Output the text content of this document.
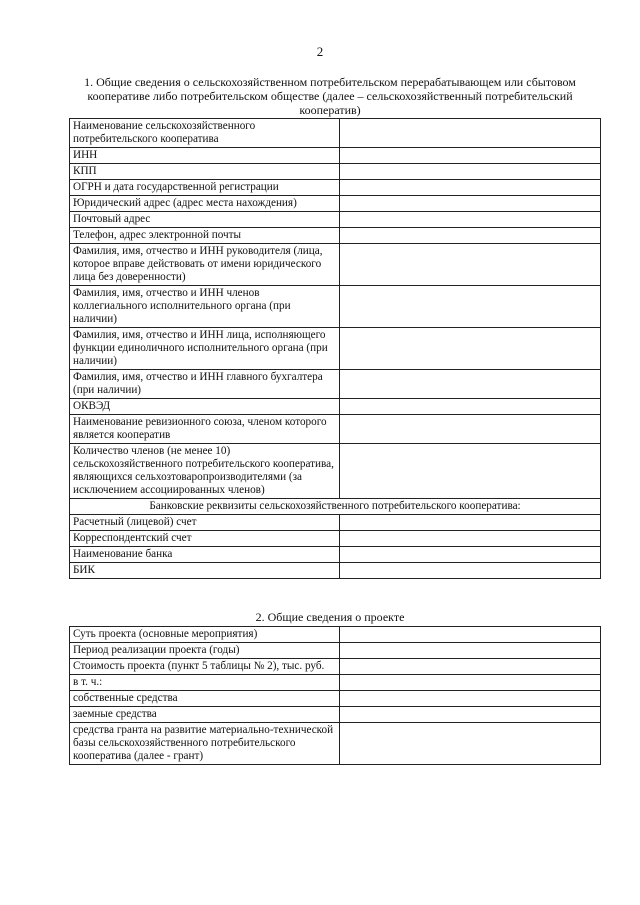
2
1. Общие сведения о сельскохозяйственном потребительском перерабатывающем или сбытовом кооперативе либо потребительском обществе (далее – сельскохозяйственный потребительский кооператив)
Наименование сельскохозяйственного потребительского кооператива	
ИНН	
КПП	
ОГРН и дата государственной регистрации	
Юридический адрес (адрес места нахождения)	
Почтовый адрес	
Телефон, адрес электронной почты	
Фамилия, имя, отчество и ИНН руководителя (лица, которое вправе действовать от имени юридического лица без доверенности)	
Фамилия, имя, отчество и ИНН членов коллегиального исполнительного органа (при наличии)	
Фамилия, имя, отчество и ИНН лица, исполняющего функции единоличного исполнительного органа (при наличии)	
Фамилия, имя, отчество и ИНН главного бухгалтера (при наличии)	
ОКВЭД	
Наименование ревизионного союза, членом которого является кооператив	
Количество членов (не менее 10) сельскохозяйственного потребительского кооператива, являющихся сельхозтоваропроизводителями (за исключением ассоциированных членов)	
Банковские реквизиты сельскохозяйственного потребительского кооператива:	
Расчетный (лицевой) счет	
Корреспондентский счет	
Наименование банка	
БИК	
2. Общие сведения о проекте
Суть проекта (основные мероприятия)	
Период реализации проекта (годы)	
Стоимость проекта (пункт 5 таблицы № 2), тыс. руб.	
в т. ч.:	
собственные средства	
заемные средства	
средства гранта на развитие материально-технической базы сельскохозяйственного потребительского кооператива (далее - грант)	
